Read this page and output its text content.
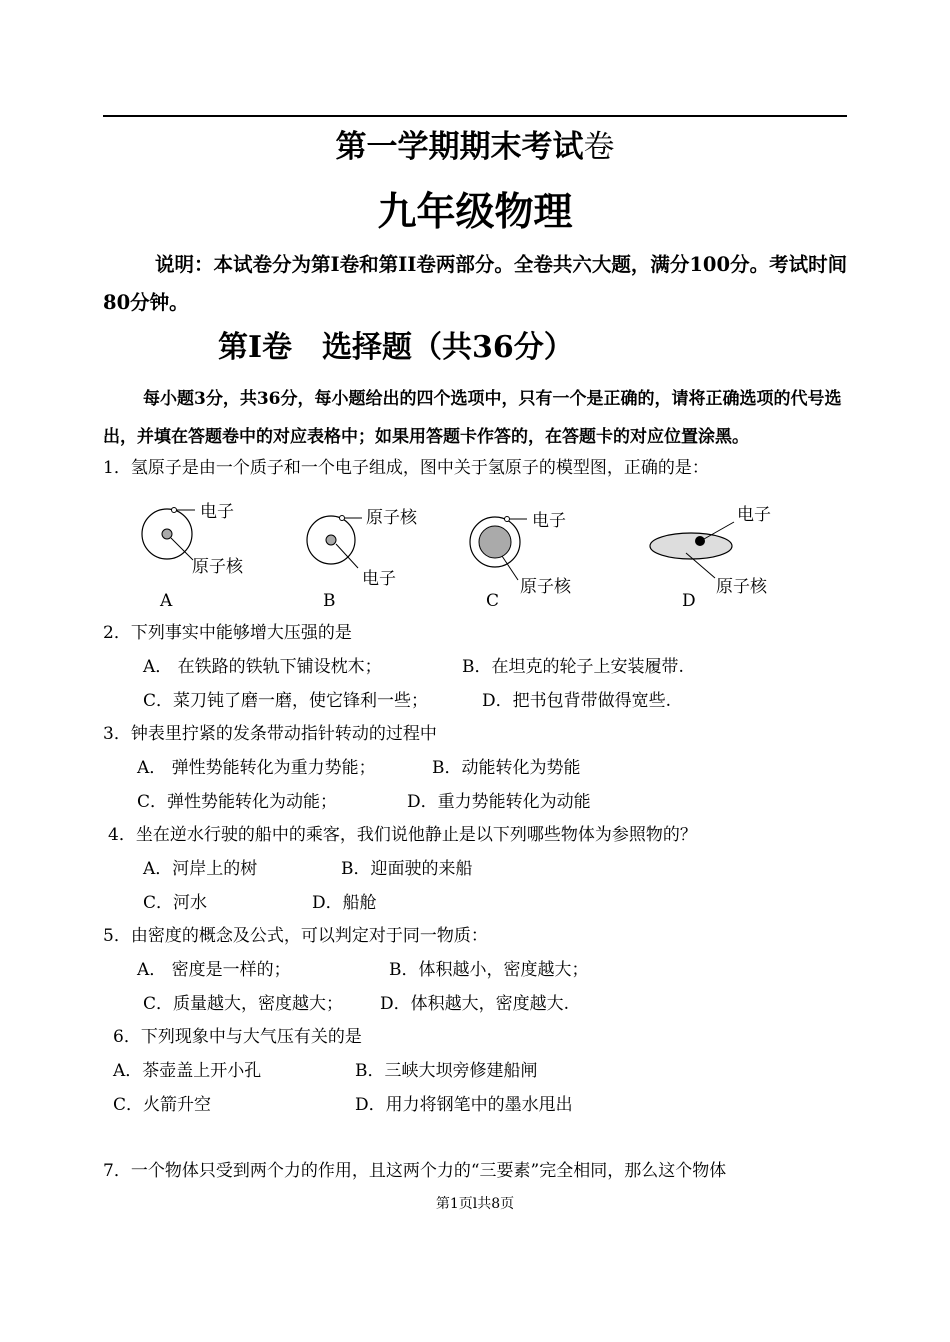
第一学期期末考试卷
九年级物理
说明：本试卷分为第I卷和第II卷两部分。全卷共六大题，满分100分。考试时间80分钟。
第I卷　选择题（共36分）
每小题3分，共36分，每小题给出的四个选项中，只有一个是正确的，请将正确选项的代号选出，并填在答题卷中的对应表格中；如果用答题卡作答的，在答题卡的对应位置涂黑。
1．氢原子是由一个质子和一个电子组成，图中关于氢原子的模型图，正确的是：
电子
原子核
A
原子核
电子
B
电子
原子核
C
电子
原子核
D
2．下列事实中能够增大压强的是
A． 在铁路的铁轨下铺设枕木；	B．在坦克的轮子上安装履带.
C．菜刀钝了磨一磨，使它锋利一些；	D．把书包背带做得宽些.
3．钟表里拧紧的发条带动指针转动的过程中
A． 弹性势能转化为重力势能；	B．动能转化为势能
C．弹性势能转化为动能；	D．重力势能转化为动能
4．坐在逆水行驶的船中的乘客，我们说他静止是以下列哪些物体为参照物的？
A．河岸上的树	B．迎面驶的来船
C．河水	D．船舱
5．由密度的概念及公式，可以判定对于同一物质：
A． 密度是一样的；	B．体积越小，密度越大；
C．质量越大，密度越大； D．体积越大，密度越大.
6．下列现象中与大气压有关的是
A．茶壶盖上开小孔	B．三峡大坝旁修建船闸
C．火箭升空	D．用力将钢笔中的墨水甩出
7．一个物体只受到两个力的作用，且这两个力的“三要素”完全相同，那么这个物体
第1页l共8页
